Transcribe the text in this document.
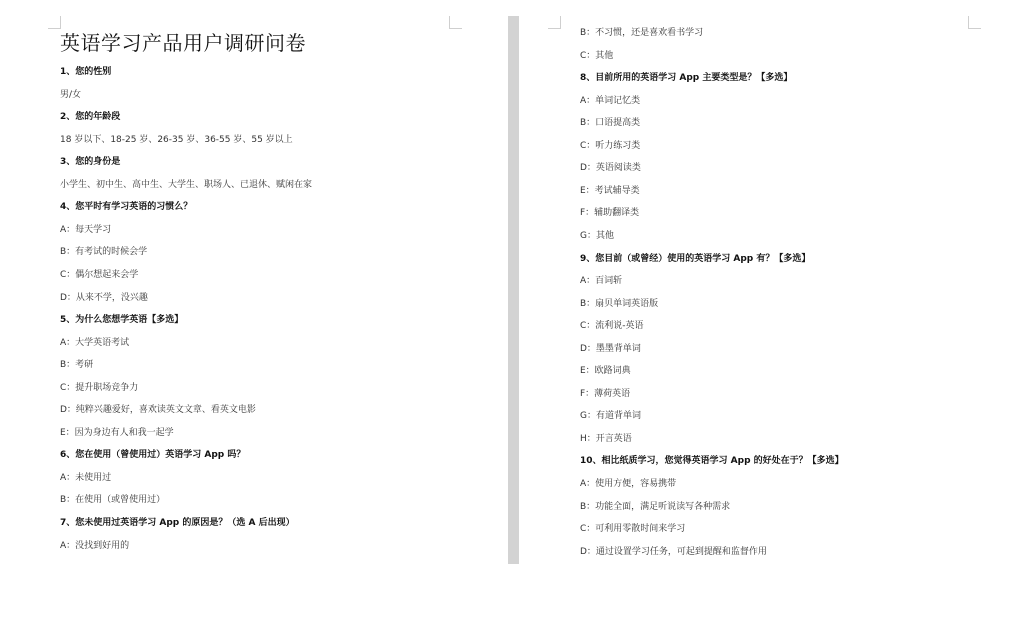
英语学习产品用户调研问卷
1、您的性别
男/女
2、您的年龄段
18 岁以下、18-25 岁、26-35 岁、36-55 岁、55 岁以上
3、您的身份是
小学生、初中生、高中生、大学生、职场人、已退休、赋闲在家
4、您平时有学习英语的习惯么？
A：每天学习
B：有考试的时候会学
C：偶尔想起来会学
D：从来不学，没兴趣
5、为什么您想学英语【多选】
A：大学英语考试
B：考研
C：提升职场竞争力
D：纯粹兴趣爱好，喜欢读英文文章、看英文电影
E：因为身边有人和我一起学
6、您在使用（曾使用过）英语学习 App 吗？
A：未使用过
B：在使用（或曾使用过）
7、您未使用过英语学习 App 的原因是？（选 A 后出现）
A：没找到好用的
B：不习惯，还是喜欢看书学习
C：其他
8、目前所用的英语学习 App 主要类型是？【多选】
A：单词记忆类
B：口语提高类
C：听力练习类
D：英语阅读类
E：考试辅导类
F：辅助翻译类
G：其他
9、您目前（或曾经）使用的英语学习 App 有？【多选】
A：百词斩
B：扇贝单词英语版
C：流利说-英语
D：墨墨背单词
E：欧路词典
F：薄荷英语
G：有道背单词
H：开言英语
10、相比纸质学习，您觉得英语学习 App 的好处在于？【多选】
A：使用方便，容易携带
B：功能全面，满足听说读写各种需求
C：可利用零散时间来学习
D：通过设置学习任务，可起到提醒和监督作用
